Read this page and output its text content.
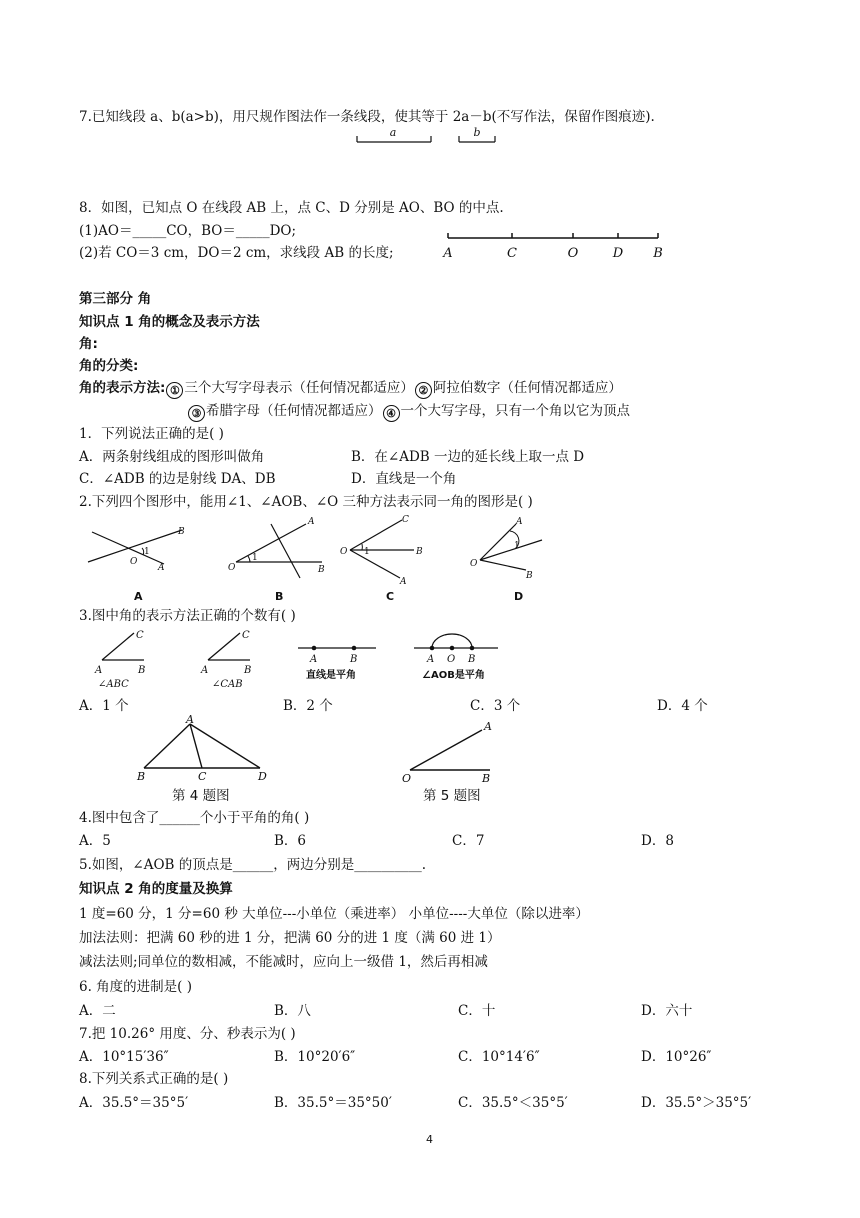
7.已知线段 a、b(a>b)，用尺规作图法作一条线段，使其等于 2a－b(不写作法，保留作图痕迹).
a	b
8．如图，已知点 O 在线段 AB 上，点 C、D 分别是 AO、BO 的中点.
(1)AO＝_____CO，BO＝_____DO;
(2)若 CO＝3 cm，DO＝2 cm，求线段 AB 的长度;	A	C	O	D B
第三部分 角
知识点 1 角的概念及表示方法
角:
角的分类:
角的表示方法: ① 三个大写字母表示（任何情况都适应） ② 阿拉伯数字（任何情况都适应）
③ 希腊字母（任何情况都适应） ④ 一个大写字母，只有一个角以它为顶点
1．下列说法正确的是( )
A．两条射线组成的图形叫做角	B．在∠ADB 一边的延长线上取一点 D
C．∠ADB 的边是射线 DA、DB	D．直线是一个角
2.下列四个图形中，能用∠1、∠AOB、∠O 三种方法表示同一角的图形是( )
1
B
O
A
A
1
A
O	B
B
1
C
O	B
A
C
1
A
O
B
D
3.图中角的表示方法正确的个数有( )
C
A	B
∠ABC
C
A	B
∠CAB
A	B
直线是平角
A O B
∠AOB是平角
A．1 个	B．2 个	C．3 个	D．4 个
A
B	C	D
第 4 题图
A
O	B
第 5 题图
4.图中包含了______个小于平角的角( )
A．5	B．6	C．7	D．8
5.如图，∠AOB 的顶点是______，两边分别是__________.
知识点 2 角的度量及换算
1 度=60 分，1 分=60 秒 大单位---小单位（乘进率） 小单位----大单位（除以进率）
加法法则：把满 60 秒的进 1 分，把满 60 分的进 1 度（满 60 进 1）
减法法则;同单位的数相减，不能减时，应向上一级借 1，然后再相减
6. 角度的进制是( )
A．二	B．八	C．十	D．六十
7.把 10.26° 用度、分、秒表示为( )
A．10°15′36″	B．10°20′6″	C．10°14′6″	D．10°26″
8.下列关系式正确的是( )
A．35.5°＝35°5′	B．35.5°＝35°50′	C．35.5°＜35°5′	D．35.5°＞35°5′
4
